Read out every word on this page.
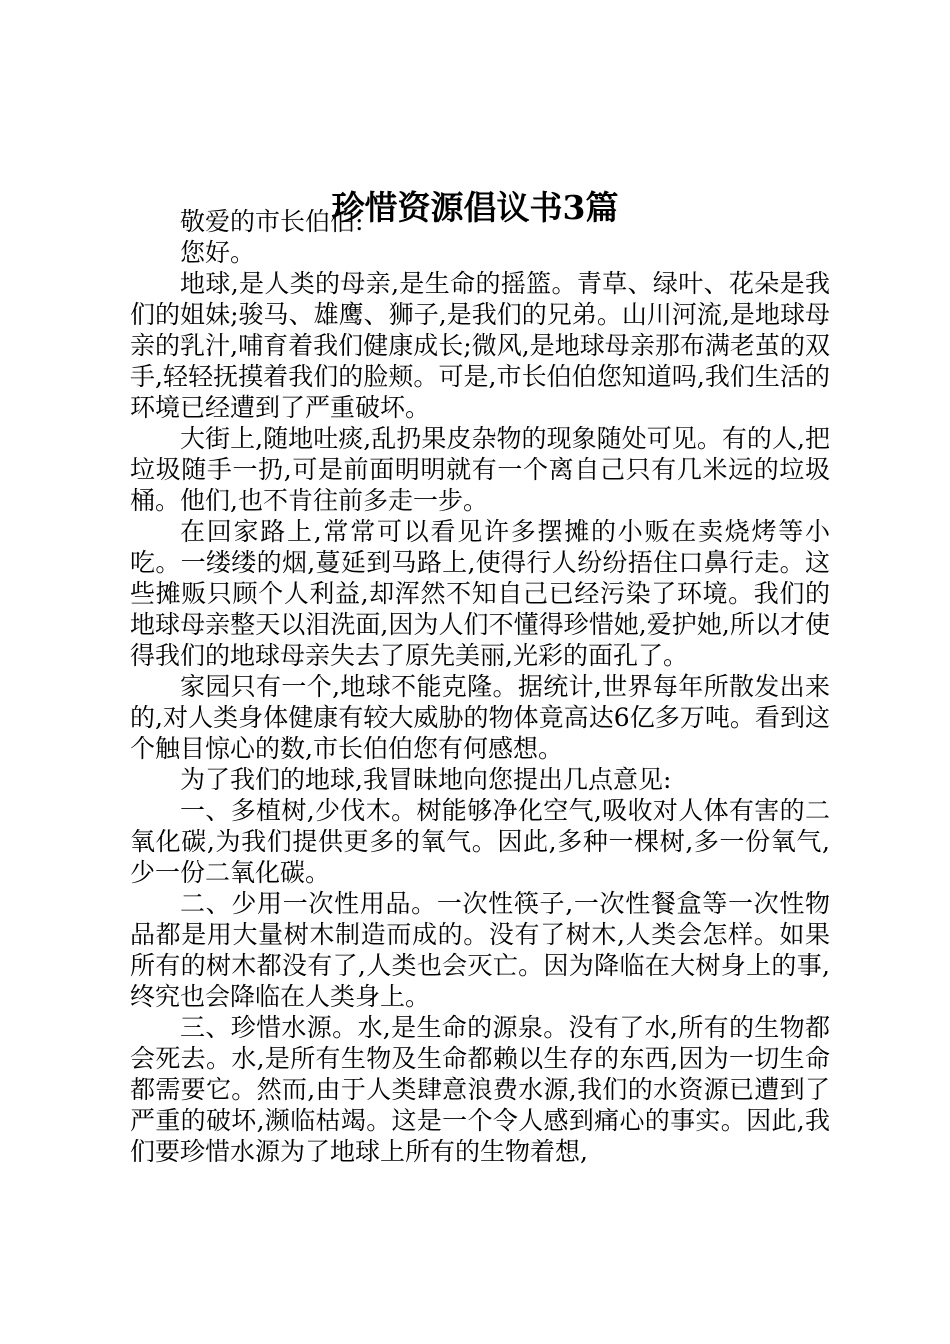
珍惜资源倡议书3篇

敬爱的市长伯伯:

您好。

地球,是人类的母亲,是生命的摇篮。青草、绿叶、花朵是我们的姐妹;骏马、雄鹰、狮子,是我们的兄弟。山川河流,是地球母亲的乳汁,哺育着我们健康成长;微风,是地球母亲那布满老茧的双手,轻轻抚摸着我们的脸颊。可是,市长伯伯您知道吗,我们生活的环境已经遭到了严重破坏。

大街上,随地吐痰,乱扔果皮杂物的现象随处可见。有的人,把垃圾随手一扔,可是前面明明就有一个离自己只有几米远的垃圾桶。他们,也不肯往前多走一步。

在回家路上,常常可以看见许多摆摊的小贩在卖烧烤等小吃。一缕缕的烟,蔓延到马路上,使得行人纷纷捂住口鼻行走。这些摊贩只顾个人利益,却浑然不知自己已经污染了环境。我们的地球母亲整天以泪洗面,因为人们不懂得珍惜她,爱护她,所以才使得我们的地球母亲失去了原先美丽,光彩的面孔了。

家园只有一个,地球不能克隆。据统计,世界每年所散发出来的,对人类身体健康有较大威胁的物体竟高达6亿多万吨。看到这个触目惊心的数,市长伯伯您有何感想。

为了我们的地球,我冒昧地向您提出几点意见:

一、多植树,少伐木。树能够净化空气,吸收对人体有害的二氧化碳,为我们提供更多的氧气。因此,多种一棵树,多一份氧气,少一份二氧化碳。

二、少用一次性用品。一次性筷子,一次性餐盒等一次性物品都是用大量树木制造而成的。没有了树木,人类会怎样。如果所有的树木都没有了,人类也会灭亡。因为降临在大树身上的事,终究也会降临在人类身上。

三、珍惜水源。水,是生命的源泉。没有了水,所有的生物都会死去。水,是所有生物及生命都赖以生存的东西,因为一切生命都需要它。然而,由于人类肆意浪费水源,我们的水资源已遭到了严重的破坏,濒临枯竭。这是一个令人感到痛心的事实。因此,我们要珍惜水源为了地球上所有的生物着想,
